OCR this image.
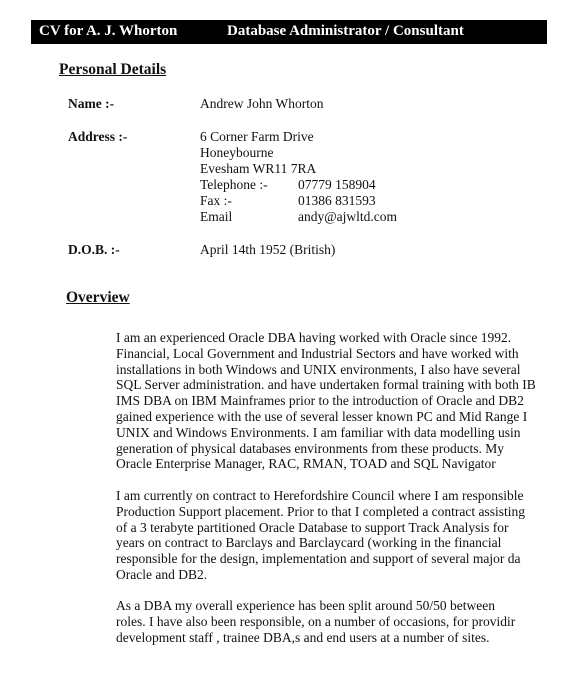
CV for A. J. Whorton	Database Administrator / Consultant
Personal Details
Name :-	Andrew John Whorton
Address :-	6 Corner Farm Drive
Honeybourne
Evesham WR11 7RA
Telephone :- 07779 158904
Fax :-	01386 831593
Email	andy@ajwltd.com
D.O.B. :-	April 14th 1952 (British)
Overview
I am an experienced Oracle DBA having worked with Oracle since 1992.
Financial, Local Government and Industrial Sectors and have worked with
installations in both Windows and UNIX environments, I also have several
SQL Server administration. and have undertaken formal training with both IB
IMS DBA on IBM Mainframes prior to the introduction of Oracle and DB2
gained experience with the use of several lesser known PC and Mid Range I
UNIX and Windows Environments. I am familiar with data modelling usin
generation of physical databases environments from these products. My
Oracle Enterprise Manager, RAC, RMAN, TOAD and SQL Navigator
I am currently on contract to Herefordshire Council where I am responsible
Production Support placement. Prior to that I completed a contract assisting
of a 3 terabyte partitioned Oracle Database to support Track Analysis for
years on contract to Barclays and Barclaycard (working in the financial
responsible for the design, implementation and support of several major da
Oracle and DB2.
As a DBA my overall experience has been split around 50/50 between
roles. I have also been responsible, on a number of occasions, for providir
development staff , trainee DBA,s and end users at a number of sites.
